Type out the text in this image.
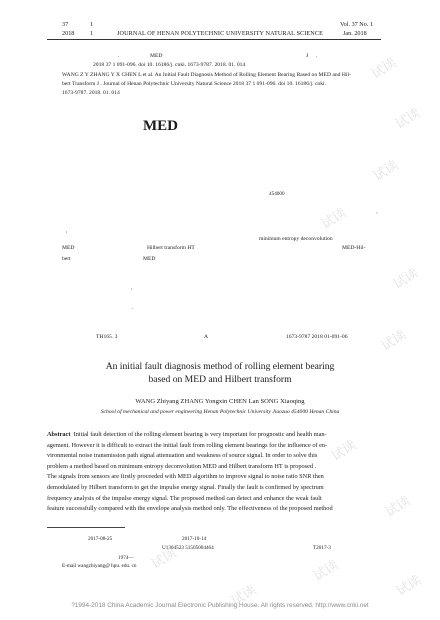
37	1
2018	1	JOURNAL OF HENAN POLYTECHNIC UNIVERSITY NATURAL SCIENCE
Vol. 37 No. 1
Jan. 2018
.	MED	J .
2018 37 1 091-096. doi 10. 16186/j. cnki. 1673-9787. 2018. 01. 014
WANG Z Y ZHANG Y X CHEN L et al. An Initial Fault Diagnosis Method of Rolling Element Bearing Based on MED and Hil-
bert Transform J . Journal of Henan Polytechnic University Natural Science 2018 37 1 091-096. doi 10. 16186/j. cnki.
1673-9787. 2018. 01. 014
MED
454000
’
,
minimum entropy deconvolution
MED	Hilbert transform HT	MED-Hil-
bert	MED
,
.
TH165. 3	A	1673-9787 2018 01-091-06
An initial fault diagnosis method of rolling element bearing
based on MED and Hilbert transform
WANG Zhiyang ZHANG Yongxin CHEN Lan SONG Xiaoqing
School of mechanical and power engineering Henan Polytechnic University Jiaozuo 454000 Henan China
Abstract Initial fault detection of the rolling element bearing is very important for prognostic and health man-
agement. However it is difficult to extract the initial fault from rolling element bearings for the influence of en-
vironmental noise transmission path signal attenuation and weakness of source signal. In order to solve this
problem a method based on minimum entropy deconvolution MED and Hilbert transform HT is proposed .
The signals from sensors are firstly proceeded with MED algorithm to improve signal to noise ratio SNR then
demodulated by Hilbert transform to get the impulse energy signal. Finally the fault is confirmed by spectrum
frequency analysis of the impulse energy signal. The proposed method can detect and enhance the weak fault
feature successfully compared with the envelope analysis method only. The effectiveness of the proposed method
2017-08-25	2017-10-14
U1304523 51505004464	T2017-3
1974—
E-mail wangzhiyang@ hpu. edu. cn
?1994-2018 China Academic Journal Electronic Publishing House. All rights reserved. http://www.cnki.net
试读
试读
试读
试读
试读
试读
试读
试读
试读
试读
试读
试读
